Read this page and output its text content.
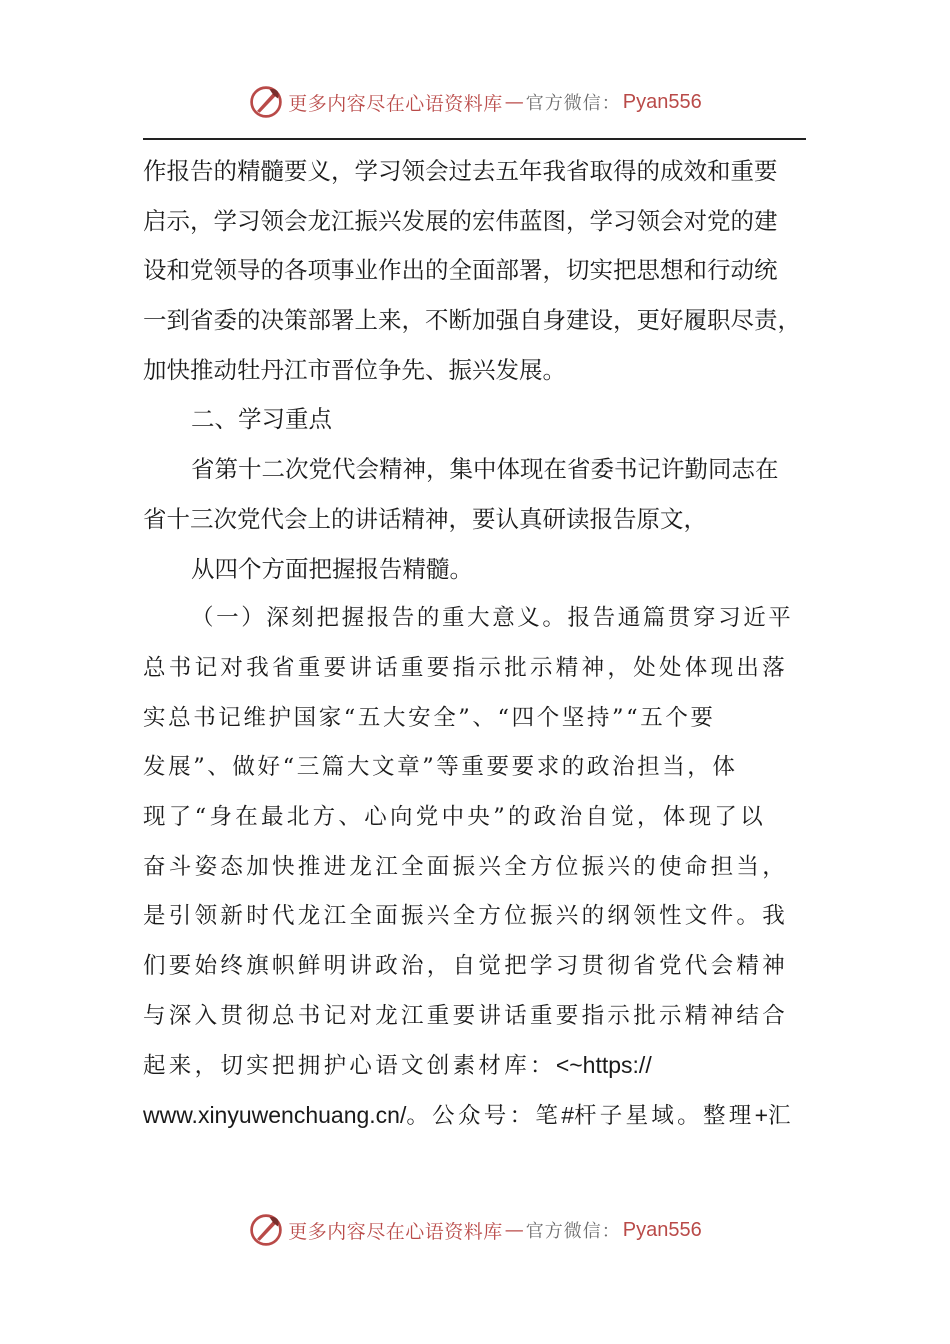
更多内容尽在心语资料库 — 官方微信： Pyan556
作报告的精髓要义，学习领会过去五年我省取得的成效和重要
启示，学习领会龙江振兴发展的宏伟蓝图，学习领会对党的建
设和党领导的各项事业作出的全面部署，切实把思想和行动统
一到省委的决策部署上来，不断加强自身建设，更好履职尽责，
加快推动牡丹江市晋位争先、振兴发展。
二、学习重点
省第十二次党代会精神，集中体现在省委书记许勤同志在
省十三次党代会上的讲话精神，要认真研读报告原文，
从四个方面把握报告精髓。
（一）深刻把握报告的重大意义。报告通篇贯穿习近平
总书记对我省重要讲话重要指示批示精神，处处体现出落
实总书记维护国家“五大安全”、“四个坚持”“五个要
发展”、做好“三篇大文章”等重要要求的政治担当，体
现了“身在最北方、心向党中央”的政治自觉，体现了以
奋斗姿态加快推进龙江全面振兴全方位振兴的使命担当，
是引领新时代龙江全面振兴全方位振兴的纲领性文件。我
们要始终旗帜鲜明讲政治，自觉把学习贯彻省党代会精神
与深入贯彻总书记对龙江重要讲话重要指示批示精神结合
起来，切实把拥护心语文创素材库：<~https://
www.xinyuwenchuang.cn/。公众号：笔#杆子星域。整理+汇
更多内容尽在心语资料库 — 官方微信： Pyan556
